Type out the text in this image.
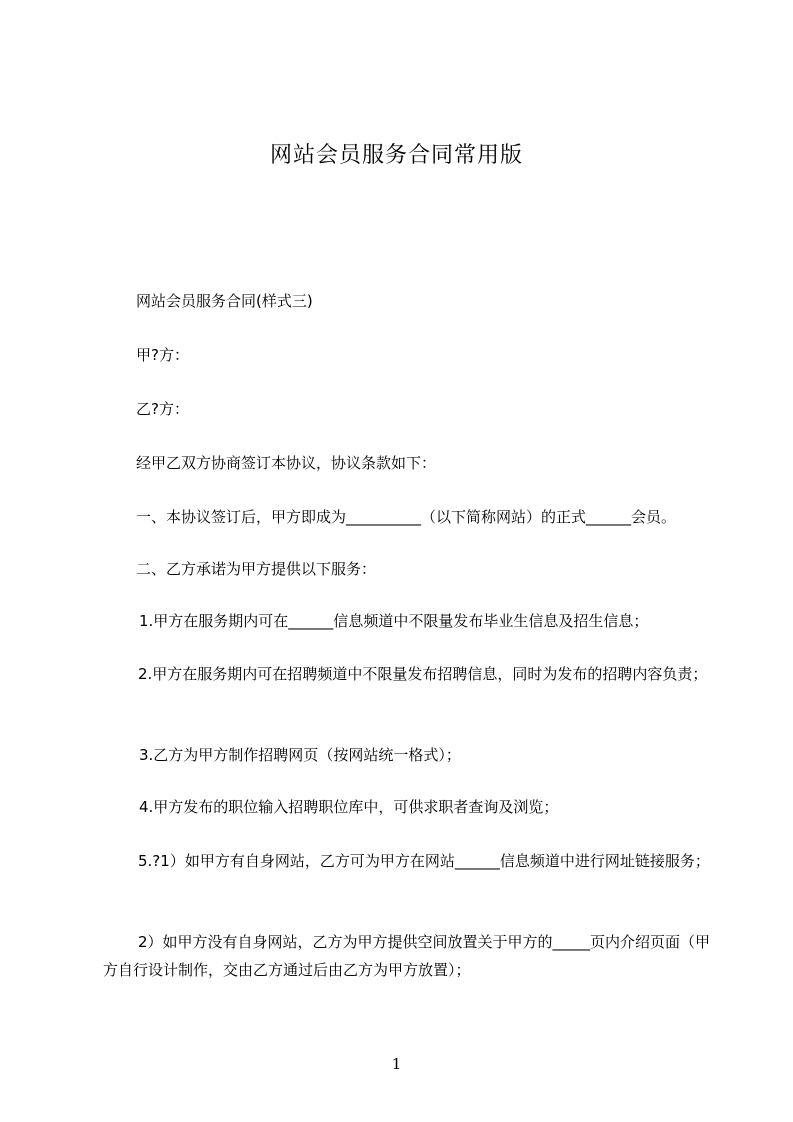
网站会员服务合同常用版
网站会员服务合同(样式三)
甲?方：
乙?方：
经甲乙双方协商签订本协议，协议条款如下：
一、本协议签订后，甲方即成为__________（以下简称网站）的正式______会员。
二、乙方承诺为甲方提供以下服务：
1.甲方在服务期内可在______信息频道中不限量发布毕业生信息及招生信息；
2.甲方在服务期内可在招聘频道中不限量发布招聘信息，同时为发布的招聘内容负责；
3.乙方为甲方制作招聘网页（按网站统一格式）；
4.甲方发布的职位输入招聘职位库中，可供求职者查询及浏览；
5.?1）如甲方有自身网站，乙方可为甲方在网站______信息频道中进行网址链接服务；
2）如甲方没有自身网站，乙方为甲方提供空间放置关于甲方的_____页内介绍页面（甲方自行设计制作，交由乙方通过后由乙方为甲方放置）；
1
